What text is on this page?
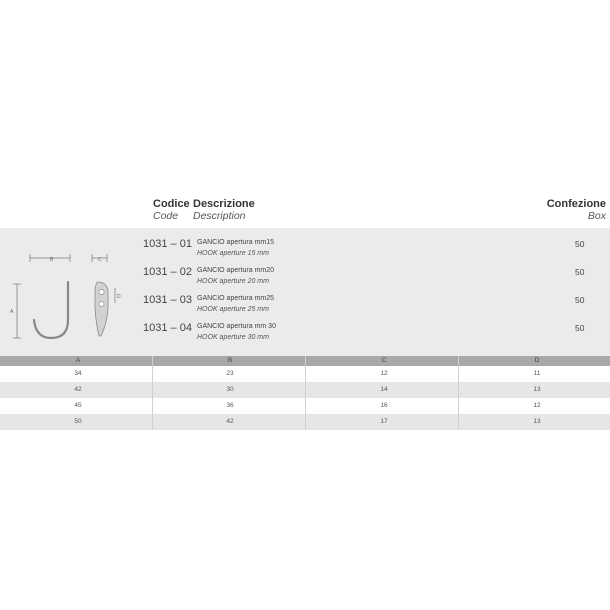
Codice
Code
Descrizione
Description
Confezione
Box
B	C
A
D
1031 – 01 GANCIO apertura mm15
HOOK aperture 15 mm
50
1031 – 02 GANCIO apertura mm20
HOOK aperture 20 mm
50
1031 – 03 GANCIO apertura mm25
HOOK aperture 25 mm
50
1031 – 04 GANCIO apertura mm 30
HOOK aperture 30 mm
50
A	B	C	D
34	23	12	11
42	30	14	13
45	36	16	12
50	42	17	13
